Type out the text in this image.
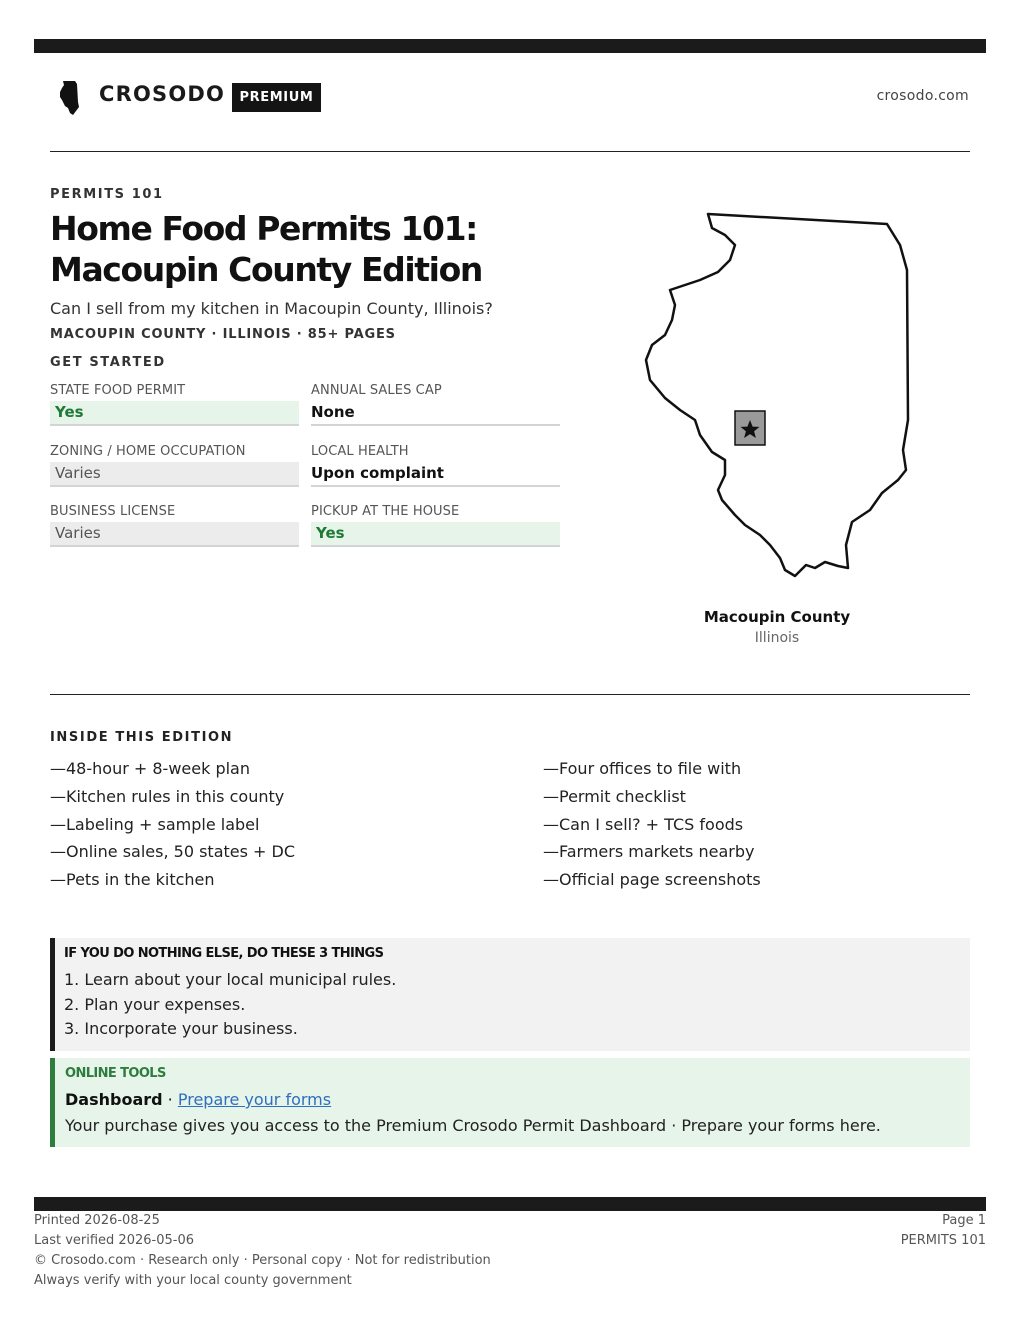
CROSODO	PREMIUM	crosodo.com
PERMITS 101
Home Food Permits 101:
Macoupin County Edition
Can I sell from my kitchen in Macoupin County, Illinois?
MACOUPIN COUNTY · ILLINOIS · 85+ PAGES
GET STARTED
STATE FOOD PERMIT
Yes
ANNUAL SALES CAP
None
ZONING / HOME OCCUPATION
Varies
LOCAL HEALTH
Upon complaint
BUSINESS LICENSE
Varies
PICKUP AT THE HOUSE
Yes
Macoupin County
Illinois
INSIDE THIS EDITION
—48-hour + 8-week plan
—Kitchen rules in this county
—Labeling + sample label
—Online sales, 50 states + DC
—Pets in the kitchen
—Four offices to file with
—Permit checklist
—Can I sell? + TCS foods
—Farmers markets nearby
—Official page screenshots
IF YOU DO NOTHING ELSE, DO THESE 3 THINGS
1. Learn about your local municipal rules.
2. Plan your expenses.
3. Incorporate your business.
ONLINE TOOLS
Dashboard · Prepare your forms
Your purchase gives you access to the Premium Crosodo Permit Dashboard · Prepare your forms here.
Printed 2026-08-25
Last verified 2026-05-06
© Crosodo.com · Research only · Personal copy · Not for redistribution
Always verify with your local county government
Page 1
PERMITS 101
